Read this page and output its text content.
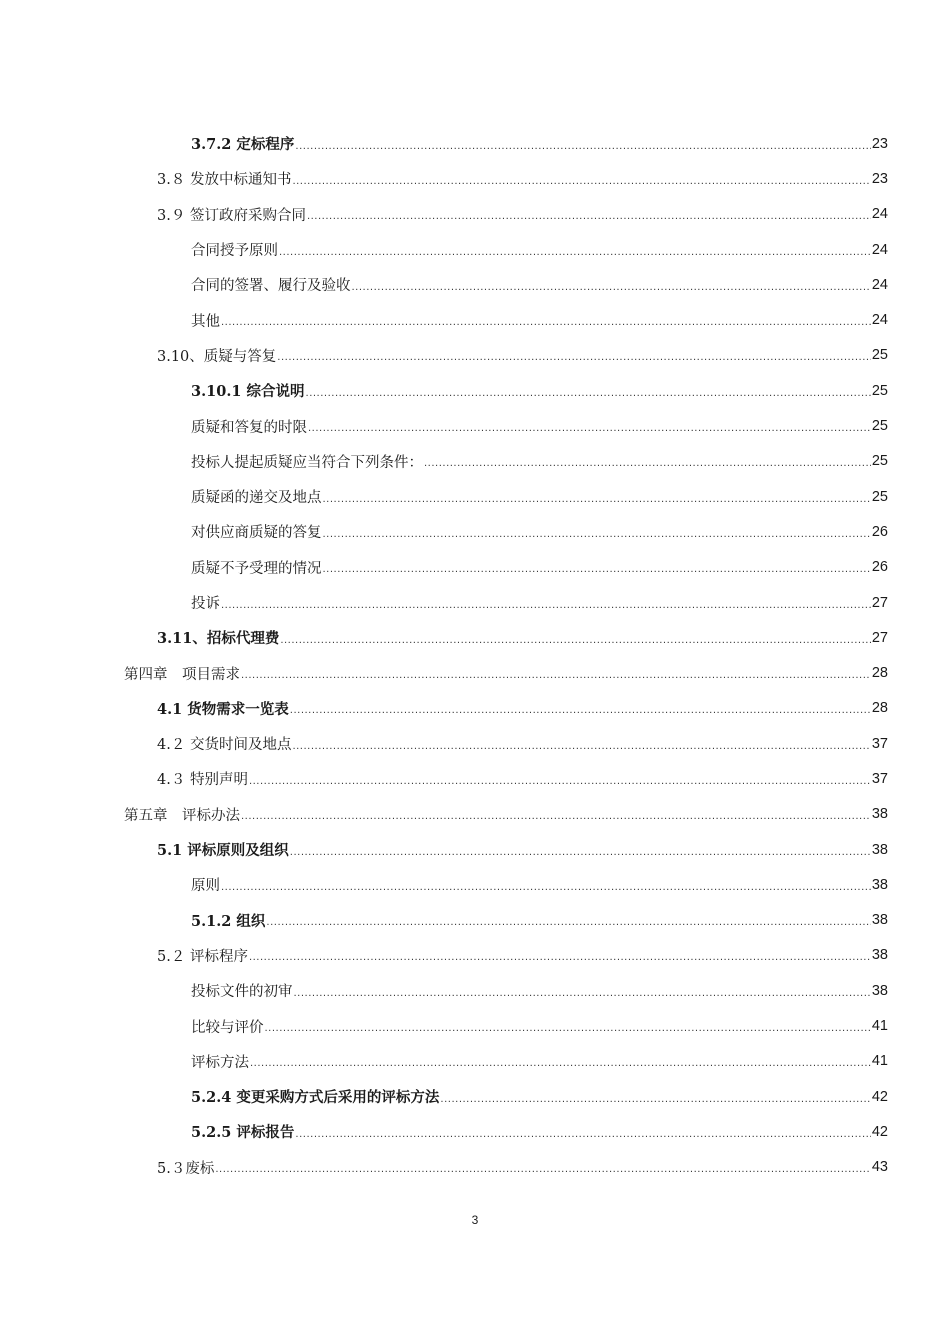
3.7.2 定标程序 .....	23
3.８ 发放中标通知书 .....	23
3.９ 签订政府采购合同 .....	24
合同授予原则 .....	24
合同的签署、履行及验收 .....	24
其他 .....	24
3.10、质疑与答复 .....	25
3.10.1 综合说明 .....	25
质疑和答复的时限 .....	25
投标人提起质疑应当符合下列条件： .....	25
质疑函的递交及地点 .....	25
对供应商质疑的答复 .....	26
质疑不予受理的情况 .....	26
投诉 .....	27
3.11、招标代理费 .....	27
第四章　项目需求 .....	28
4.1 货物需求一览表 .....	28
4.２ 交货时间及地点 .....	37
4.３ 特别声明 .....	37
第五章　评标办法 .....	38
5.1 评标原则及组织 .....	38
原则 .....	38
5.1.2 组织 .....	38
5.２ 评标程序 .....	38
投标文件的初审 .....	38
比较与评价 .....	41
评标方法 .....	41
5.2.4 变更采购方式后采用的评标方法 .....	42
5.2.5 评标报告 .....	42
5.３废标 .....	43
3
